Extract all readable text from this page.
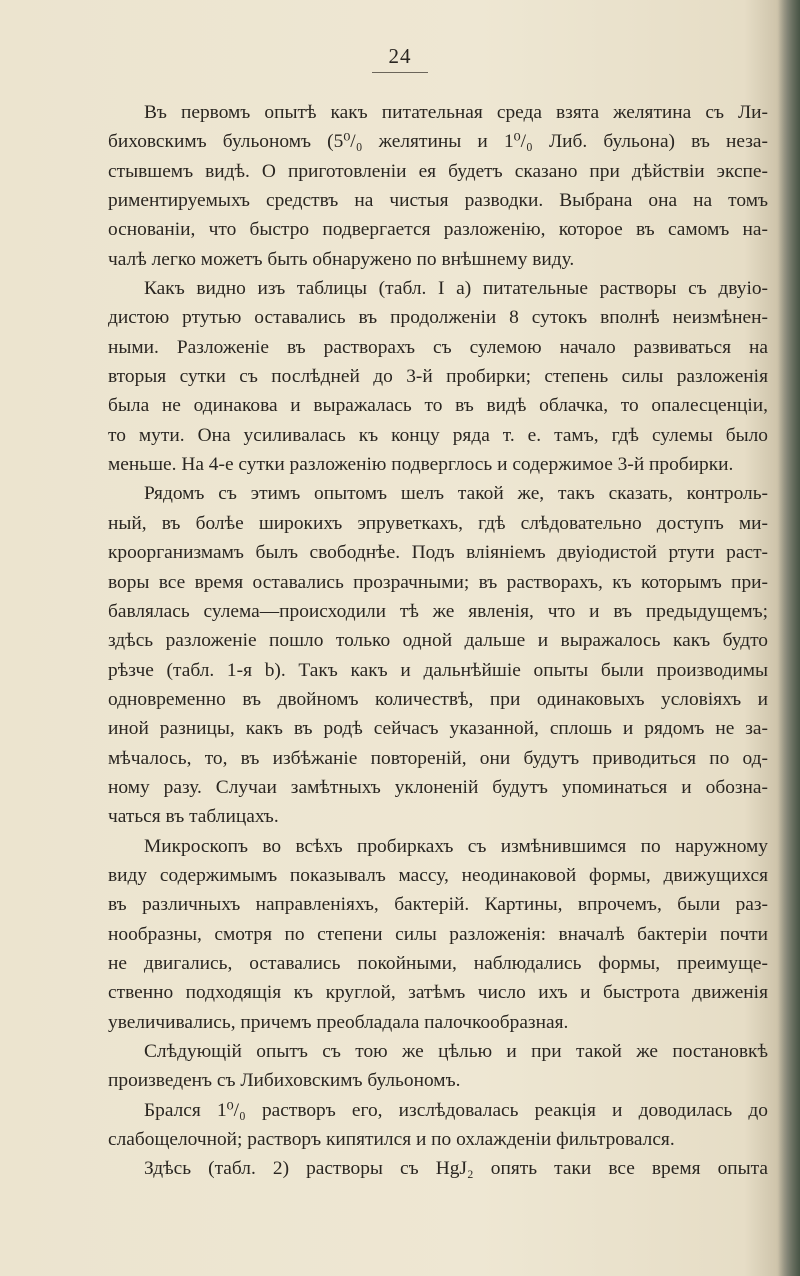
24
Въ первомъ опытѣ какъ питательная среда взята желятина съ Ли-
биховскимъ бульономъ (5⁰/₀ желятины и 1⁰/₀ Либ. бульона) въ неза-
стывшемъ видѣ. О приготовленіи ея будетъ сказано при дѣйствіи экспе-
риментируемыхъ средствъ на чистыя разводки. Выбрана она на томъ
основаніи, что быстро подвергается разложенію, которое въ самомъ на-
чалѣ легко можетъ быть обнаружено по внѣшнему виду.
Какъ видно изъ таблицы (табл. I а) питательные растворы съ двуіо-
дистою ртутью оставались въ продолженіи 8 сутокъ вполнѣ неизмѣнен-
ными. Разложеніе въ растворахъ съ сулемою начало развиваться на
вторыя сутки съ послѣдней до 3-й пробирки; степень силы разложенія
была не одинакова и выражалась то въ видѣ облачка, то опалесценціи,
то мути. Она усиливалась къ концу ряда т. е. тамъ, гдѣ сулемы было
меньше. На 4-е сутки разложенію подверглось и содержимое 3-й пробирки.
Рядомъ съ этимъ опытомъ шелъ такой же, такъ сказать, контроль-
ный, въ болѣе широкихъ эпруветкахъ, гдѣ слѣдовательно доступъ ми-
кроорганизмамъ былъ свободнѣе. Подъ вліяніемъ двуіодистой ртути раст-
воры все время оставались прозрачными; въ растворахъ, къ которымъ при-
бавлялась сулема—происходили тѣ же явленія, что и въ предыдущемъ;
здѣсь разложеніе пошло только одной дальше и выражалось какъ будто
рѣзче (табл. 1-я b). Такъ какъ и дальнѣйшіе опыты были производимы
одновременно въ двойномъ количествѣ, при одинаковыхъ условіяхъ и
иной разницы, какъ въ родѣ сейчасъ указанной, сплошь и рядомъ не за-
мѣчалось, то, въ избѣжаніе повтореній, они будутъ приводиться по од-
ному разу. Случаи замѣтныхъ уклоненій будутъ упоминаться и обозна-
чаться въ таблицахъ.
Микроскопъ во всѣхъ пробиркахъ съ измѣнившимся по наружному
виду содержимымъ показывалъ массу, неодинаковой формы, движущихся
въ различныхъ направленіяхъ, бактерій. Картины, впрочемъ, были раз-
нообразны, смотря по степени силы разложенія: вначалѣ бактеріи почти
не двигались, оставались покойными, наблюдались формы, преимуще-
ственно подходящія къ круглой, затѣмъ число ихъ и быстрота движенія
увеличивались, причемъ преобладала палочкообразная.
Слѣдующій опытъ съ тою же цѣлью и при такой же постановкѣ
произведенъ съ Либиховскимъ бульономъ.
Брался 1⁰/₀ растворъ его, изслѣдовалась реакція и доводилась до
слабощелочной; растворъ кипятился и по охлажденіи фильтровался.
Здѣсь (табл. 2) растворы съ HgJ₂ опять таки все время опыта
